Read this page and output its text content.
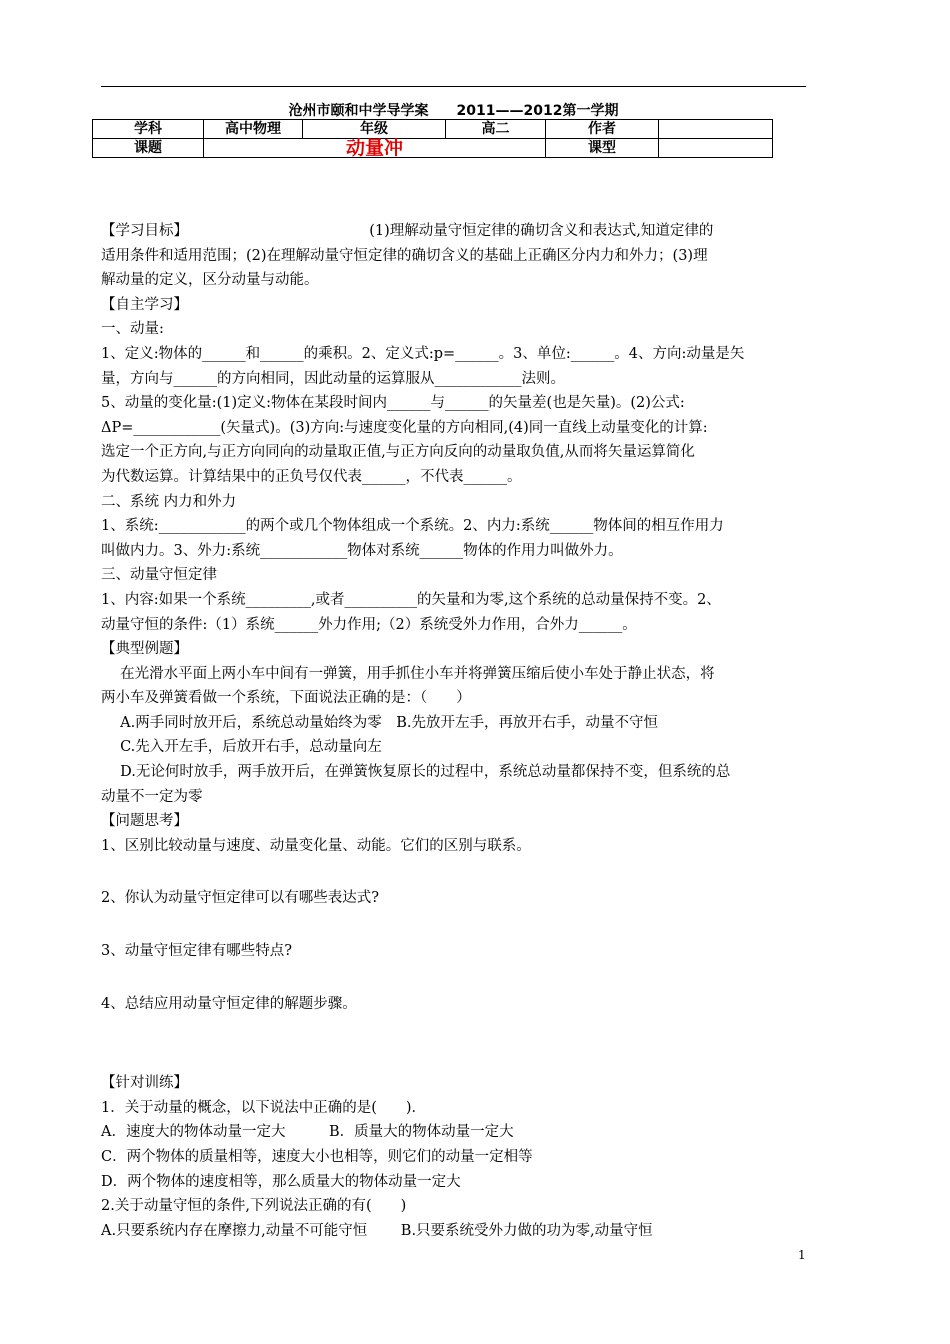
沧州市颐和中学导学案　　2011——2012第一学期
学科	高中物理	年级	高二	作者	
课题	动量冲			课型	
【学习目标】　　　　　　　　　　　　　(1)理解动量守恒定律的确切含义和表达式,知道定律的
适用条件和适用范围；(2)在理解动量守恒定律的确切含义的基础上正确区分内力和外力；(3)理
解动量的定义，区分动量与动能。
【自主学习】
一、动量:
1、定义:物体的______和______的乘积。2、定义式:p=______。3、单位:______。4、方向:动量是矢
量，方向与______的方向相同，因此动量的运算服从____________法则。
5、动量的变化量:(1)定义:物体在某段时间内______与______的矢量差(也是矢量)。(2)公式:
ΔP=____________(矢量式)。(3)方向:与速度变化量的方向相同,(4)同一直线上动量变化的计算:
选定一个正方向,与正方向同向的动量取正值,与正方向反向的动量取负值,从而将矢量运算简化
为代数运算。计算结果中的正负号仅代表______，不代表______。
二、系统 内力和外力
1、系统:____________的两个或几个物体组成一个系统。2、内力:系统______物体间的相互作用力
叫做内力。3、外力:系统____________物体对系统______物体的作用力叫做外力。
三、动量守恒定律
1、内容:如果一个系统_________,或者__________的矢量和为零,这个系统的总动量保持不变。2、
动量守恒的条件:（1）系统______外力作用;（2）系统受外力作用，合外力______。
【典型例题】
　 在光滑水平面上两小车中间有一弹簧，用手抓住小车并将弹簧压缩后使小车处于静止状态，将
两小车及弹簧看做一个系统，下面说法正确的是：（　　）
　 A.两手同时放开后，系统总动量始终为零　B.先放开左手，再放开右手，动量不守恒
　 C.先入开左手，后放开右手，总动量向左
　 D.无论何时放手，两手放开后，在弹簧恢复原长的过程中，系统总动量都保持不变，但系统的总
动量不一定为零
【问题思考】
1、区别比较动量与速度、动量变化量、动能。它们的区别与联系。
2、你认为动量守恒定律可以有哪些表达式?
3、动量守恒定律有哪些特点?
4、总结应用动量守恒定律的解题步骤。
【针对训练】
1．关于动量的概念，以下说法中正确的是(　　)．
A．速度大的物体动量一定大　　　B．质量大的物体动量一定大
C．两个物体的质量相等，速度大小也相等，则它们的动量一定相等
D．两个物体的速度相等，那么质量大的物体动量一定大
2.关于动量守恒的条件,下列说法正确的有(　　)
A.只要系统内存在摩擦力,动量不可能守恒　　 B.只要系统受外力做的功为零,动量守恒
1
